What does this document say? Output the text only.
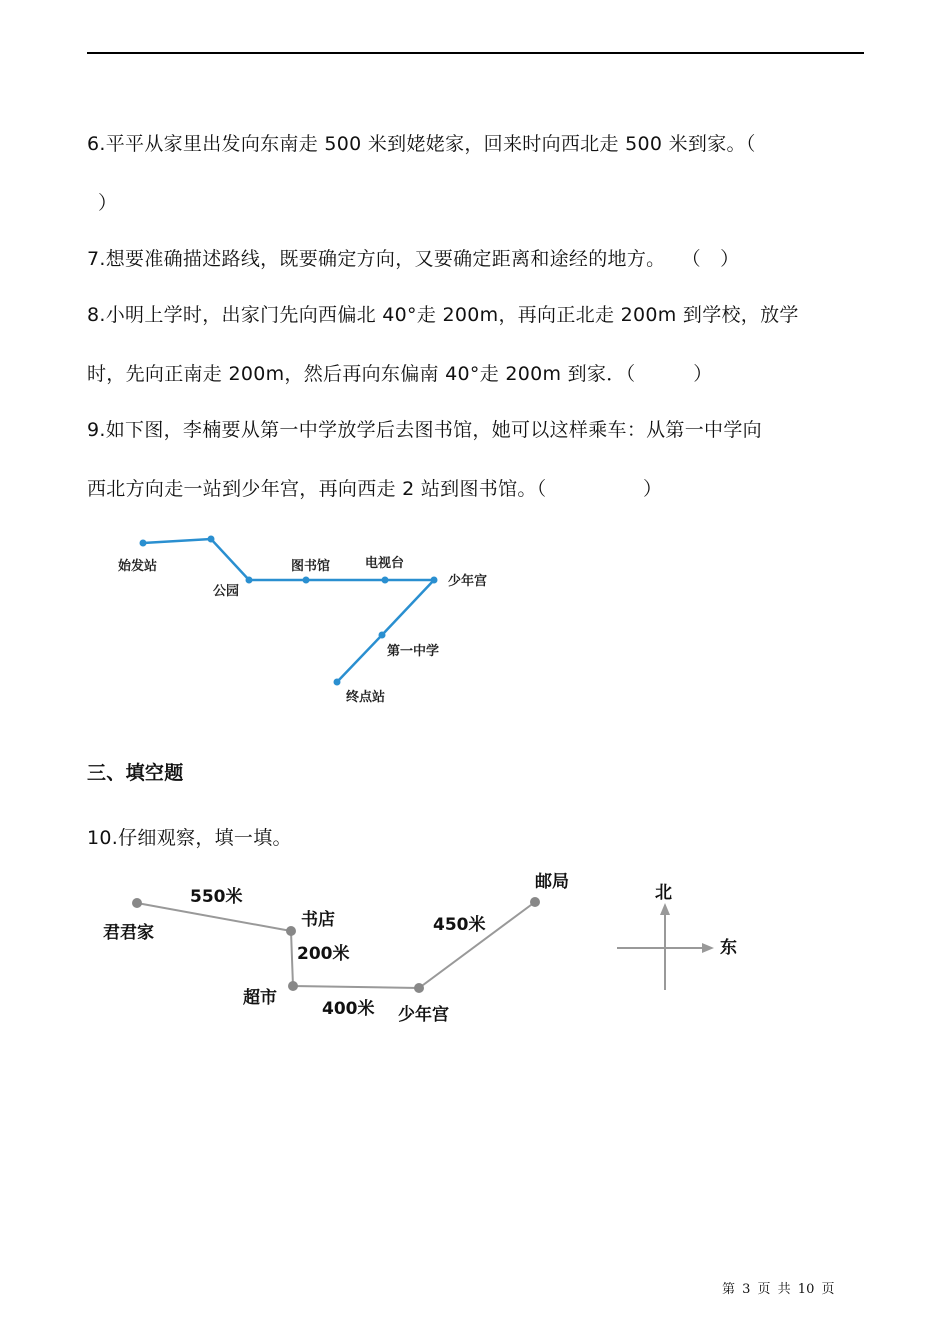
6.平平从家里出发向东南走 500 米到姥姥家，回来时向西北走 500 米到家。（
）
7.想要准确描述路线，既要确定方向，又要确定距离和途经的地方。　 （　）
8.小明上学时，出家门先向西偏北 40°走 200m，再向正北走 200m 到学校，放学
时，先向正南走 200m，然后再向东偏南 40°走 200m 到家．（　　　）
9.如下图，李楠要从第一中学放学后去图书馆，她可以这样乘车：从第一中学向
西北方向走一站到少年宫，再向西走 2 站到图书馆。（　　　　　）
始发站
公园
图书馆	电视台
少年宫
第一中学
终点站
550米
君君家
书店
200米
超市
400米 少年宫
450米
邮局
北
东
三、填空题
10.仔细观察，填一填。
第 3 页 共 10 页
